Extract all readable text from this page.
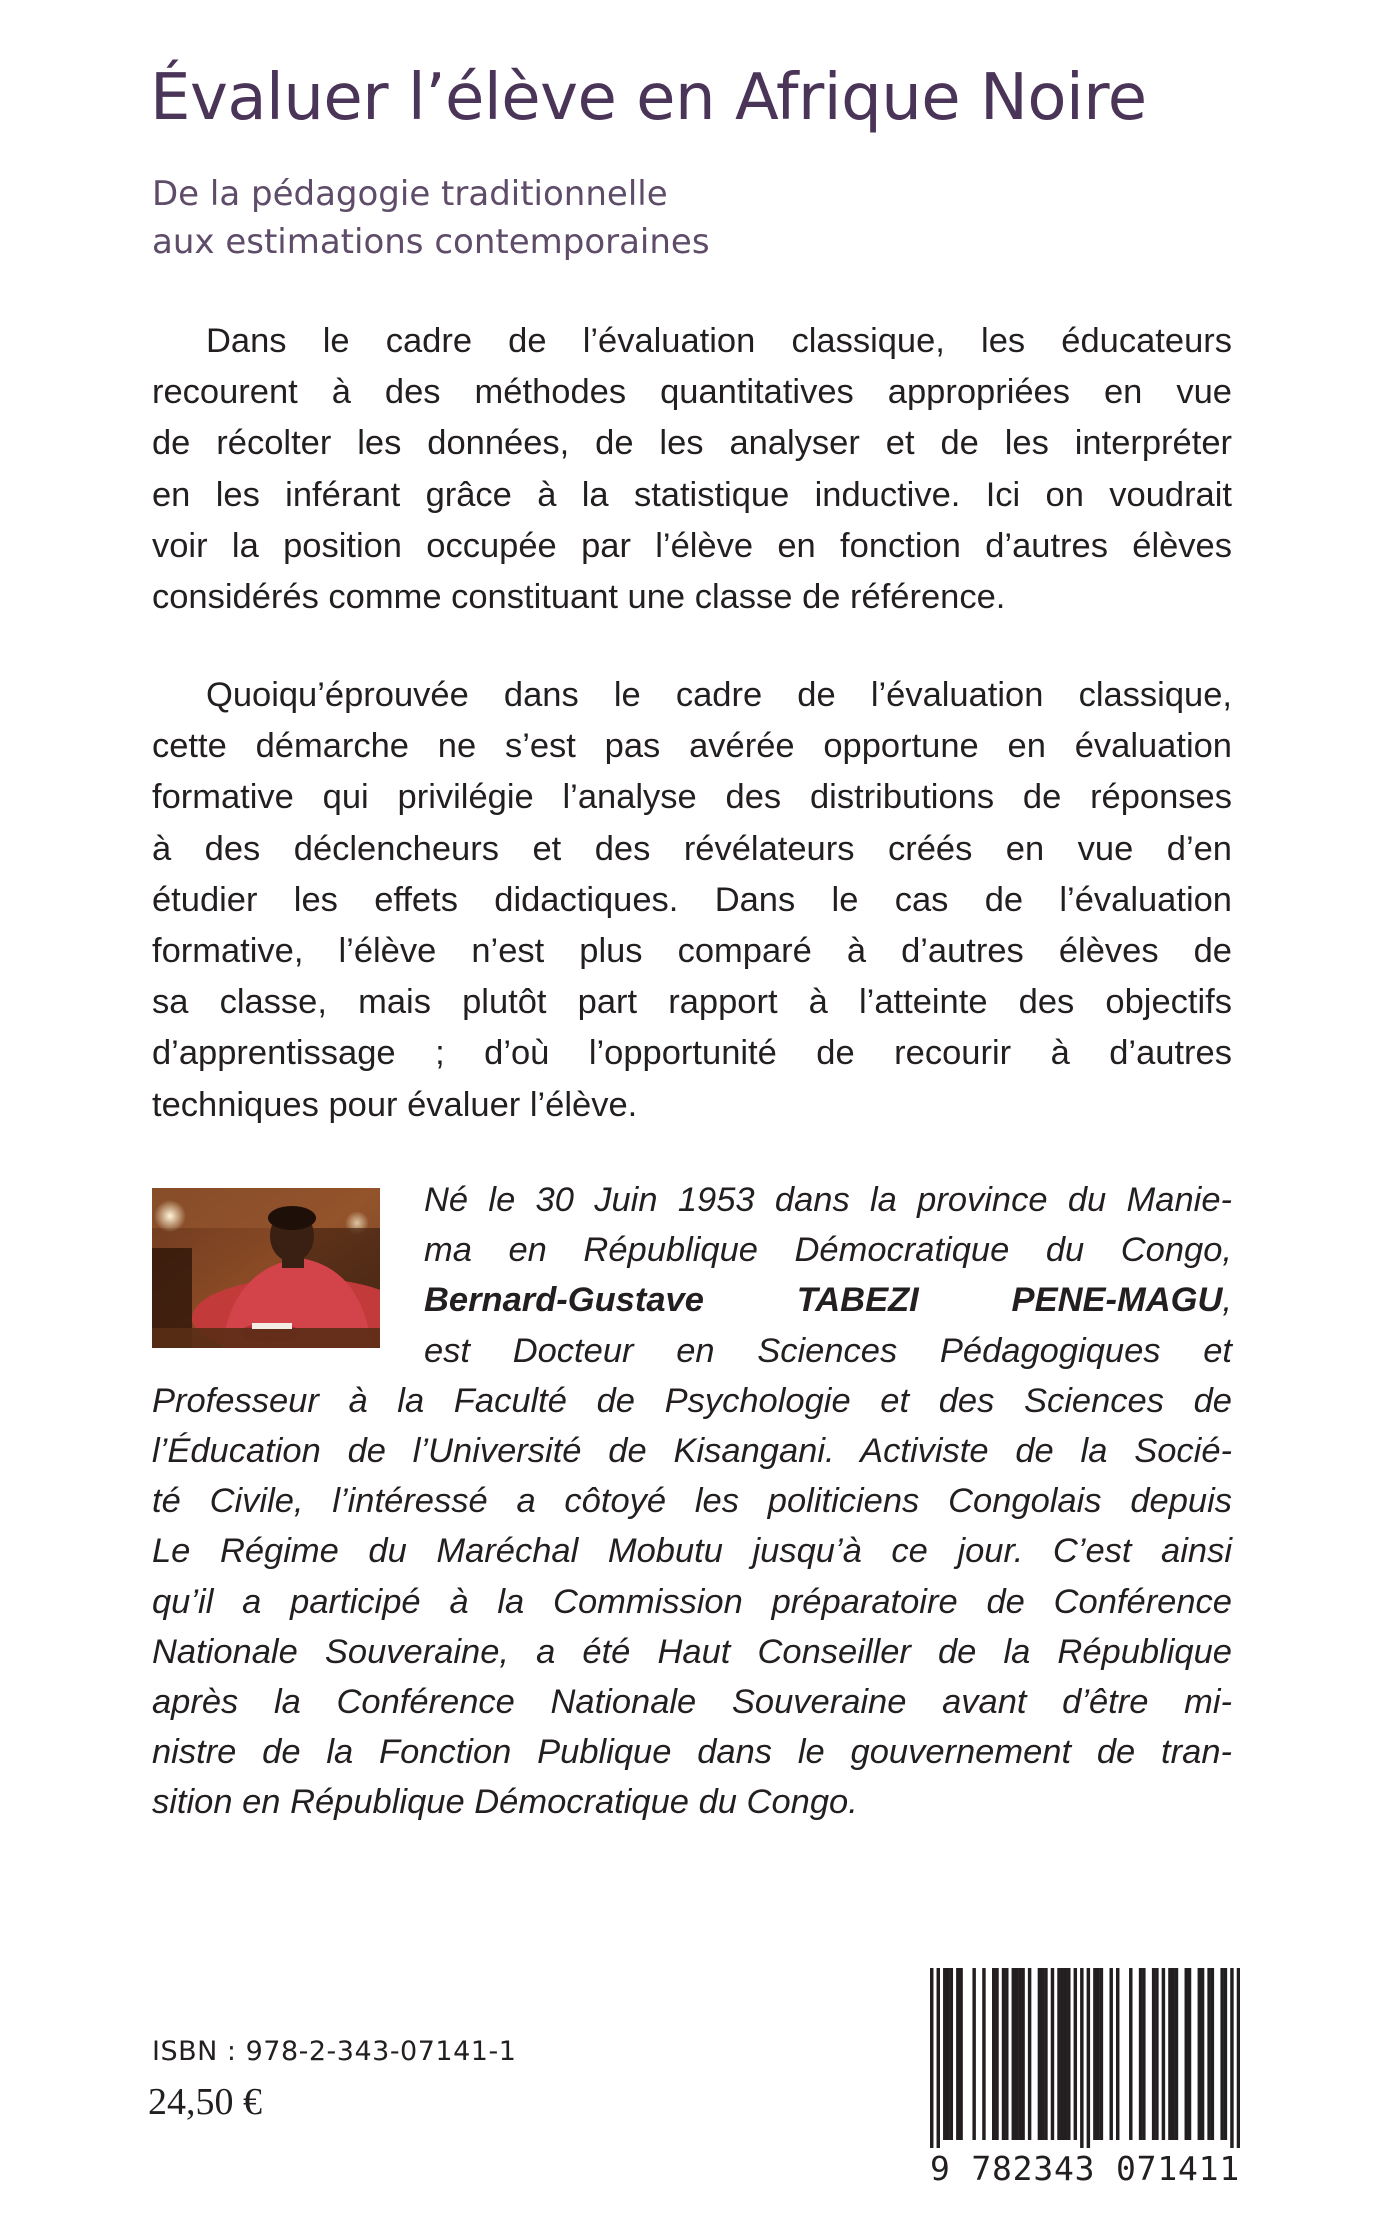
Évaluer l’élève en Afrique Noire
De la pédagogie traditionnelle
aux estimations contemporaines

Dans le cadre de l’évaluation classique, les éducateurs
recourent à des méthodes quantitatives appropriées en vue
de récolter les données, de les analyser et de les interpréter
en les inférant grâce à la statistique inductive. Ici on voudrait
voir la position occupée par l’élève en fonction d’autres élèves
considérés comme constituant une classe de référence.

Quoiqu’éprouvée dans le cadre de l’évaluation classique,
cette démarche ne s’est pas avérée opportune en évaluation
formative qui privilégie l’analyse des distributions de réponses
à des déclencheurs et des révélateurs créés en vue d’en
étudier les effets didactiques. Dans le cas de l’évaluation
formative, l’élève n’est plus comparé à d’autres élèves de
sa classe, mais plutôt part rapport à l’atteinte des objectifs
d’apprentissage ; d’où l’opportunité de recourir à d’autres
techniques pour évaluer l’élève.

Né le 30 Juin 1953 dans la province du Manie-
ma en République Démocratique du Congo,
Bernard-Gustave TABEZI PENE-MAGU,
est Docteur en Sciences Pédagogiques et
Professeur à la Faculté de Psychologie et des Sciences de
l’Éducation de l’Université de Kisangani. Activiste de la Socié-
té Civile, l’intéressé a côtoyé les politiciens Congolais depuis
Le Régime du Maréchal Mobutu jusqu’à ce jour. C’est ainsi
qu’il a participé à la Commission préparatoire de Conférence
Nationale Souveraine, a été Haut Conseiller de la République
après la Conférence Nationale Souveraine avant d’être mi-
nistre de la Fonction Publique dans le gouvernement de tran-
sition en République Démocratique du Congo.

ISBN : 978-2-343-07141-1

24,50 €

9 782343 071411
